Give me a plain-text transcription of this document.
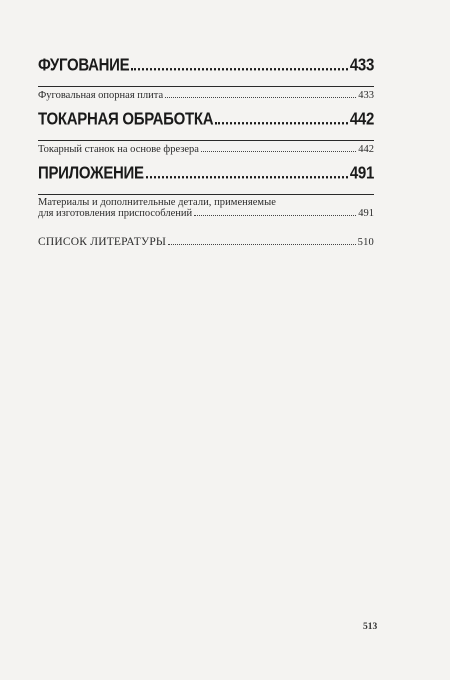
ФУГОВАНИЕ	433
Фуговальная опорная плита	433
ТОКАРНАЯ ОБРАБОТКА	442
Токарный станок на основе фрезера	442
ПРИЛОЖЕНИЕ	491
Материалы и дополнительные детали, применяемые
для изготовления приспособлений	491
СПИСОК ЛИТЕРАТУРЫ	510
513
